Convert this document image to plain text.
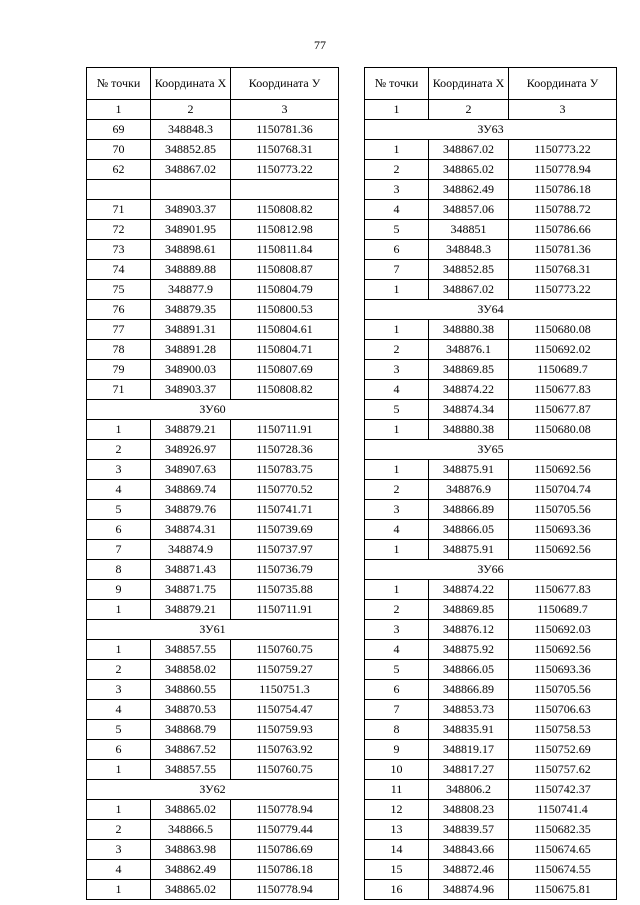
77
№ точки	Координата Х	Координата У
1	2	3
69	348848.3	1150781.36
70	348852.85	1150768.31
62	348867.02	1150773.22

71	348903.37	1150808.82
72	348901.95	1150812.98
73	348898.61	1150811.84
74	348889.88	1150808.87
75	348877.9	1150804.79
76	348879.35	1150800.53
77	348891.31	1150804.61
78	348891.28	1150804.71
79	348900.03	1150807.69
71	348903.37	1150808.82
ЗУ60		
1	348879.21	1150711.91
2	348926.97	1150728.36
3	348907.63	1150783.75
4	348869.74	1150770.52
5	348879.76	1150741.71
6	348874.31	1150739.69
7	348874.9	1150737.97
8	348871.43	1150736.79
9	348871.75	1150735.88
1	348879.21	1150711.91
ЗУ61		
1	348857.55	1150760.75
2	348858.02	1150759.27
3	348860.55	1150751.3
4	348870.53	1150754.47
5	348868.79	1150759.93
6	348867.52	1150763.92
1	348857.55	1150760.75
ЗУ62		
1	348865.02	1150778.94
2	348866.5	1150779.44
3	348863.98	1150786.69
4	348862.49	1150786.18
1	348865.02	1150778.94
№ точки	Координата Х	Координата У
1	2	3
ЗУ63		
1	348867.02	1150773.22
2	348865.02	1150778.94
3	348862.49	1150786.18
4	348857.06	1150788.72
5	348851	1150786.66
6	348848.3	1150781.36
7	348852.85	1150768.31
1	348867.02	1150773.22
ЗУ64		
1	348880.38	1150680.08
2	348876.1	1150692.02
3	348869.85	1150689.7
4	348874.22	1150677.83
5	348874.34	1150677.87
1	348880.38	1150680.08
ЗУ65		
1	348875.91	1150692.56
2	348876.9	1150704.74
3	348866.89	1150705.56
4	348866.05	1150693.36
1	348875.91	1150692.56
ЗУ66		
1	348874.22	1150677.83
2	348869.85	1150689.7
3	348876.12	1150692.03
4	348875.92	1150692.56
5	348866.05	1150693.36
6	348866.89	1150705.56
7	348853.73	1150706.63
8	348835.91	1150758.53
9	348819.17	1150752.69
10	348817.27	1150757.62
11	348806.2	1150742.37
12	348808.23	1150741.4
13	348839.57	1150682.35
14	348843.66	1150674.65
15	348872.46	1150674.55
16	348874.96	1150675.81
